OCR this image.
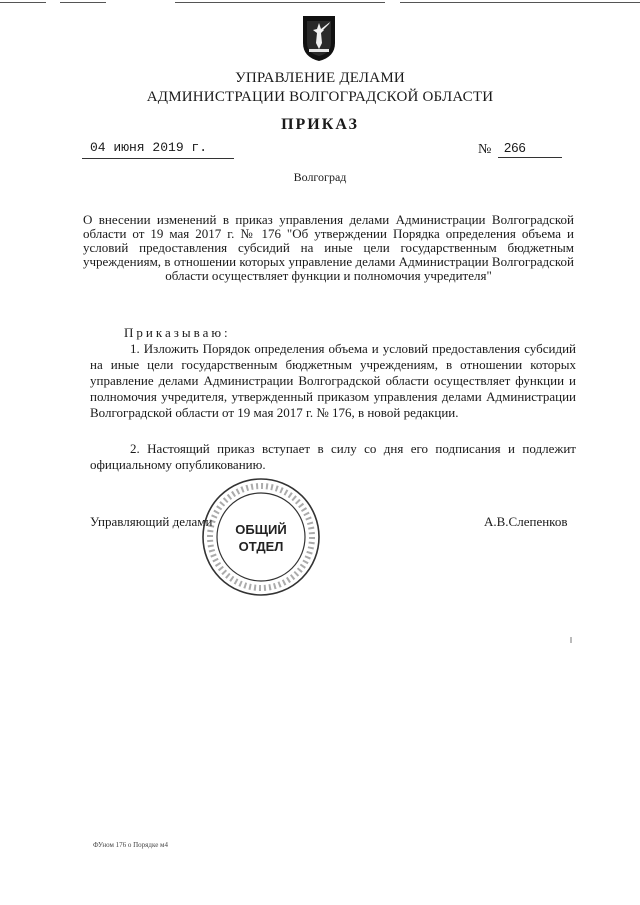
УПРАВЛЕНИЕ ДЕЛАМИ
АДМИНИСТРАЦИИ ВОЛГОГРАДСКОЙ ОБЛАСТИ
ПРИКАЗ
04 июня 2019 г.	№ 266
Волгоград
О внесении изменений в приказ управления делами Администрации Волгоградской области от 19 мая 2017 г. № 176 "Об утверждении Порядка определения объема и условий предоставления субсидий на иные цели государственным бюджетным учреждениям, в отношении которых управление делами Администрации Волгоградской области осуществляет функции и полномочия учредителя"
Приказываю:
1. Изложить Порядок определения объема и условий предоставления субсидий на иные цели государственным бюджетным учреждениям, в отношении которых управление делами Администрации Волгоградской области осуществляет функции и полномочия учредителя, утвержденный приказом управления делами Администрации Волгоградской области от 19 мая 2017 г. № 176, в новой редакции.
2. Настоящий приказ вступает в силу со дня его подписания и подлежит официальному опубликованию.
Управляющий делами	А.В.Слепенков
ОБЩИЙ
ОТДЕЛ
ФУном 176 о Порядке м4
